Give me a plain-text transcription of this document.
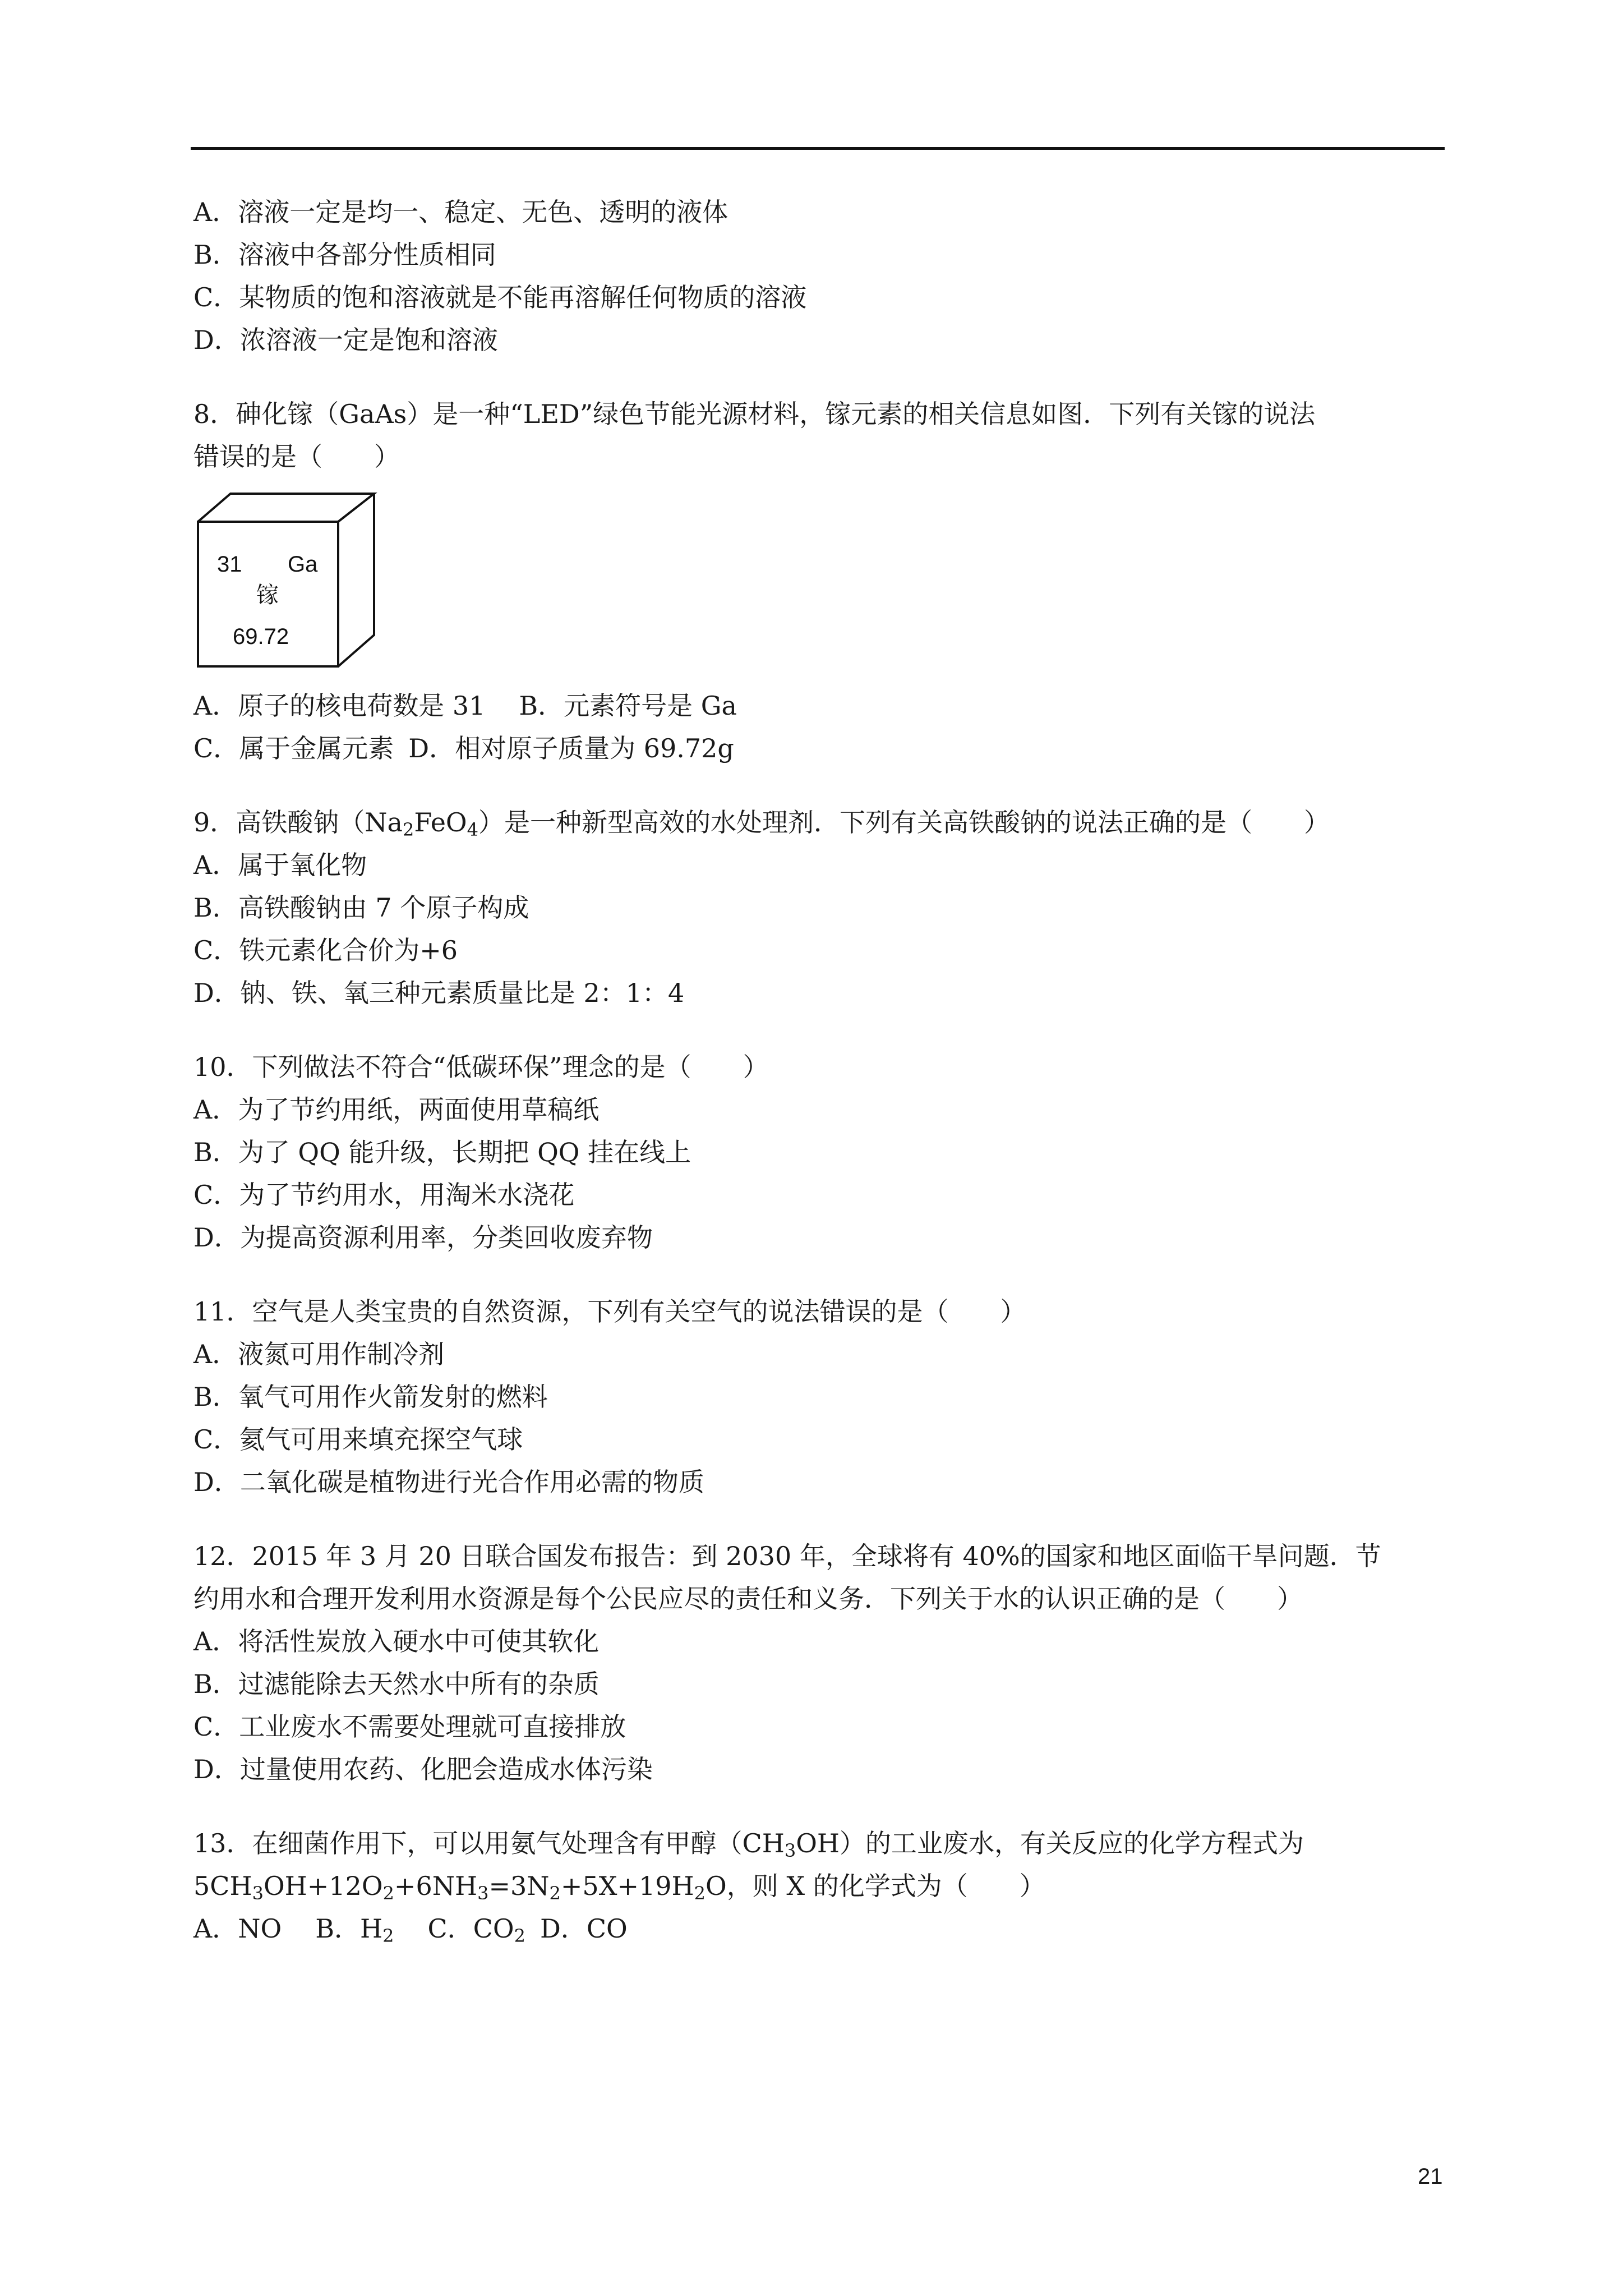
A．溶液一定是均一、稳定、无色、透明的液体

B．溶液中各部分性质相同

C．某物质的饱和溶液就是不能再溶解任何物质的溶液

D．浓溶液一定是饱和溶液

8．砷化镓（GaAs）是一种“LED”绿色节能光源材料，镓元素的相关信息如图．下列有关镓的说法

错误的是（　　）

31 Ga
镓
69.72

A．原子的核电荷数是 31 B．元素符号是 Ga

C．属于金属元素 D．相对原子质量为 69.72g

9．高铁酸钠$(Na_2FeO_4)$是一种新型高效的水处理剂．下列有关高铁酸钠的说法正确的是（　　）

A．属于氧化物

B．高铁酸钠由 7 个原子构成

C．铁元素化合价为+6

D．钠、铁、氧三种元素质量比是 2：1：4

10．下列做法不符合“低碳环保”理念的是（　　）

A．为了节约用纸，两面使用草稿纸

B．为了 QQ 能升级，长期把 QQ 挂在线上

C．为了节约用水，用淘米水浇花

D．为提高资源利用率，分类回收废弃物

11．空气是人类宝贵的自然资源，下列有关空气的说法错误的是（　　）

A．液氮可用作制冷剂

B．氧气可用作火箭发射的燃料

C．氦气可用来填充探空气球

D．二氧化碳是植物进行光合作用必需的物质

12．2015 年 3 月 20 日联合国发布报告：到 2030 年，全球将有 40%的国家和地区面临干旱问题．节

约用水和合理开发利用水资源是每个公民应尽的责任和义务．下列关于水的认识正确的是（　　）

A．将活性炭放入硬水中可使其软化

B．过滤能除去天然水中所有的杂质

C．工业废水不需要处理就可直接排放

D．过量使用农药、化肥会造成水体污染

13．在细菌作用下，可以用氨气处理含有甲醇$(CH_3OH)$的工业废水，有关反应的化学方程式为

$5CH_3OH+12O_2+6NH_3=3N_2+5X+19H_2O$，则 X 的化学式为（　　）

A．NO B．$H_2$ C．$CO_2$ D．CO

21
